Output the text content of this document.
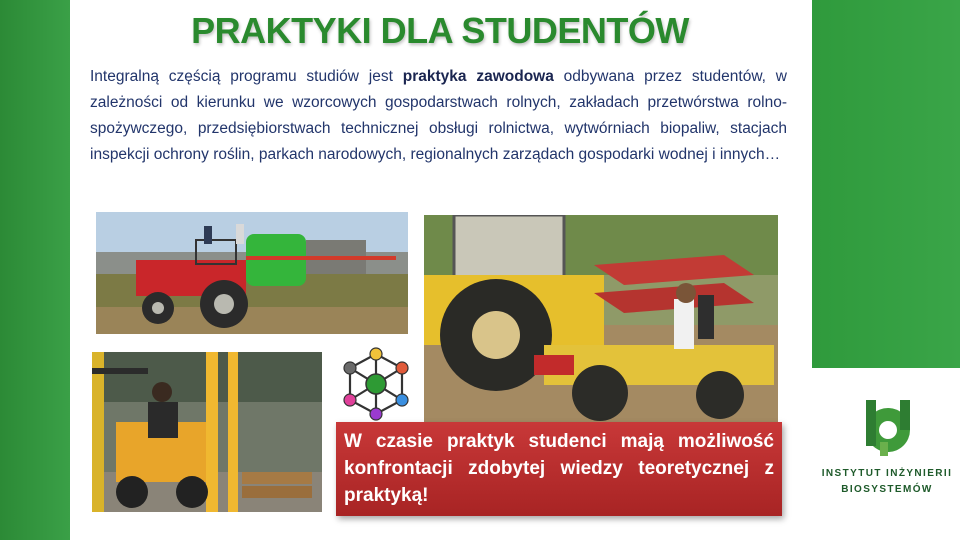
PRAKTYKI DLA STUDENTÓW

Integralną częścią programu studiów jest praktyka zawodowa odbywana przez studentów, w zależności od kierunku we wzorcowych gospodarstwach rolnych, zakładach przetwórstwa rolno-spożywczego, przedsiębiorstwach technicznej obsługi rolnictwa, wytwórniach biopaliw, stacjach inspekcji ochrony roślin, parkach narodowych, regionalnych zarządach gospodarki wodnej i innych…

W czasie praktyk studenci mają możliwość konfrontacji zdobytej wiedzy teoretycznej z praktyką!

INSTYTUT INŻYNIERII
BIOSYSTEMÓW
